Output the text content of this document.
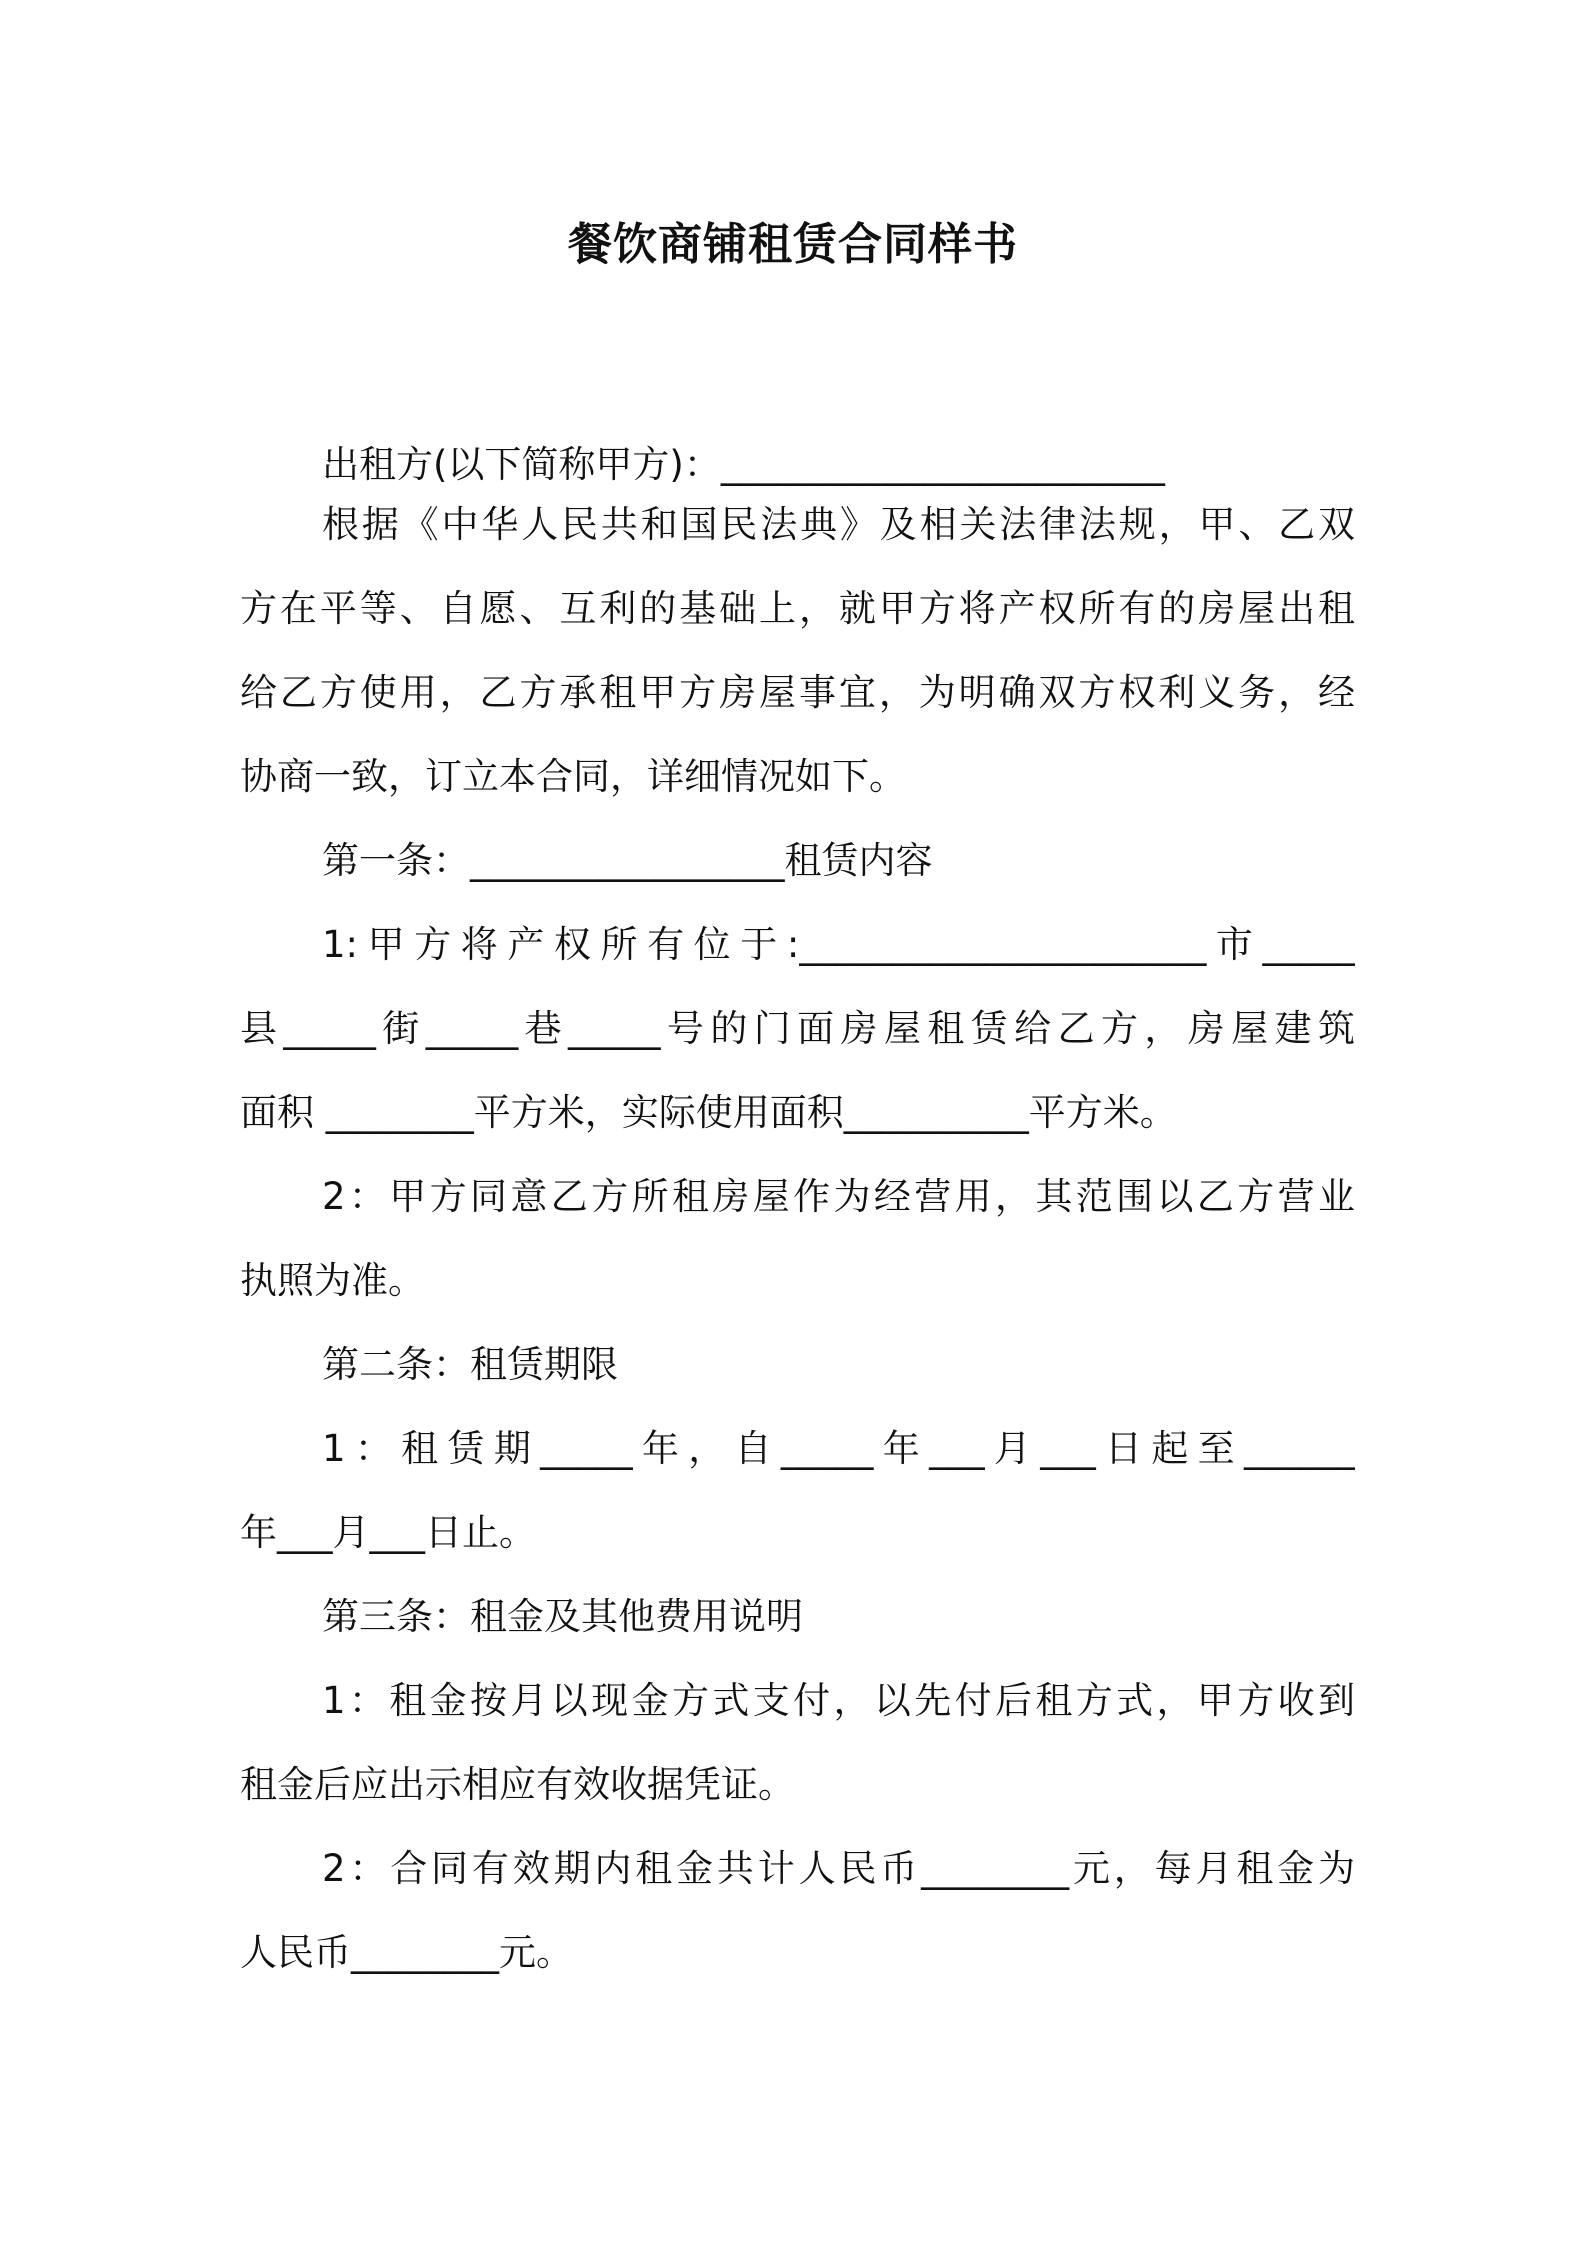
餐饮商铺租赁合同样书

出租方(以下简称甲方)：________________________

根据《中华人民共和国民法典》及相关法律法规，甲、乙双

方在平等、自愿、互利的基础上，就甲方将产权所有的房屋出租

给乙方使用，乙方承租甲方房屋事宜，为明确双方权利义务，经

协商一致，订立本合同，详细情况如下。

第一条：_________________租赁内容

1:甲方将产权所有位于:______________________市_____

县_____街_____巷_____号的门面房屋租赁给乙方，房屋建筑

面积 ________平方米，实际使用面积__________平方米。

2：甲方同意乙方所租房屋作为经营用，其范围以乙方营业

执照为准。

第二条：租赁期限

1：租赁期_____年，自_____年___月___日起至______

年___月___日止。

第三条：租金及其他费用说明

1：租金按月以现金方式支付，以先付后租方式，甲方收到

租金后应出示相应有效收据凭证。

2：合同有效期内租金共计人民币________元，每月租金为

人民币________元。
